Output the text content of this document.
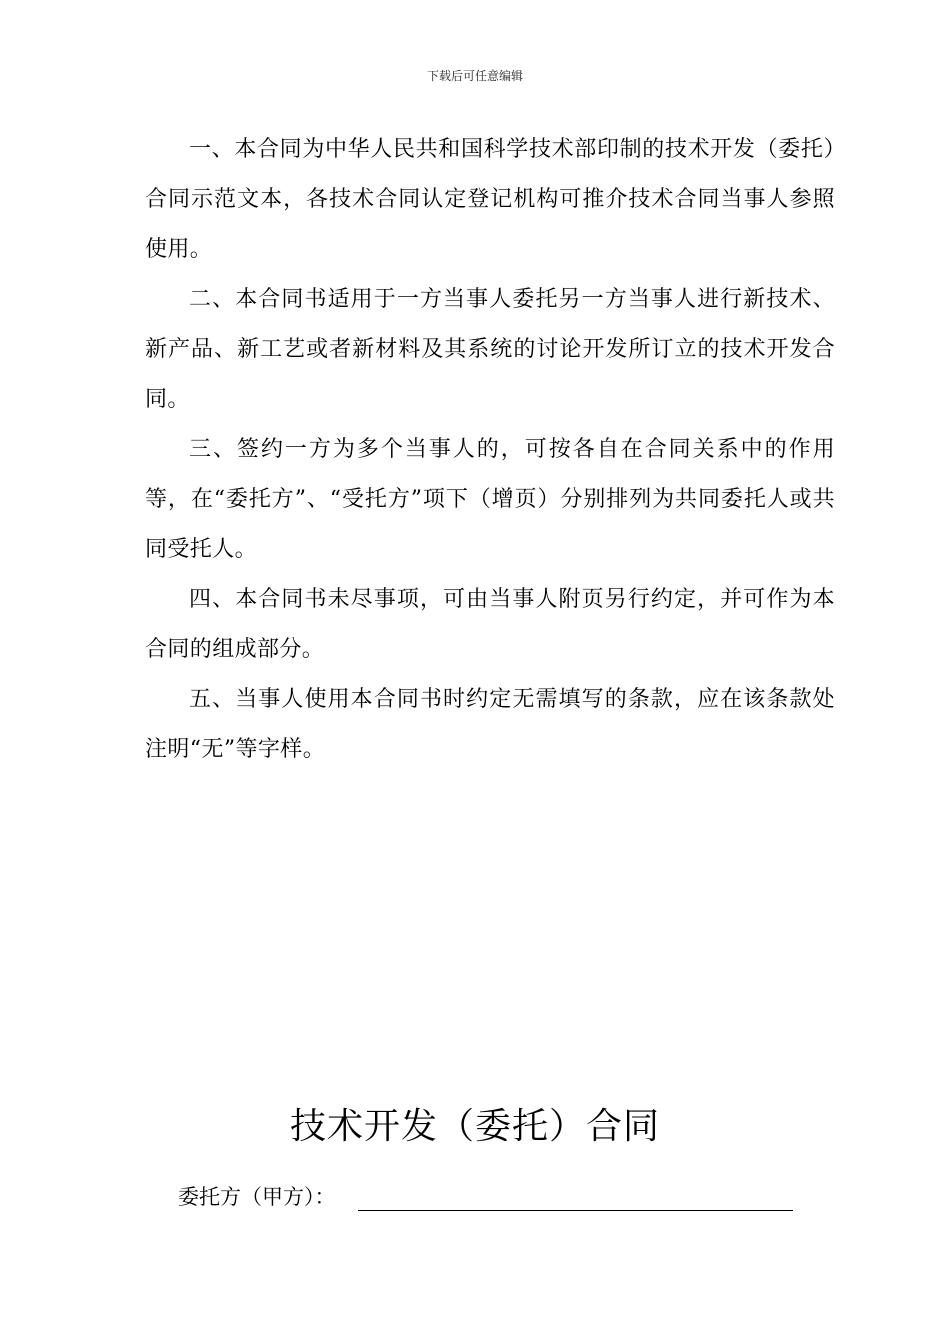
下载后可任意编辑

一、本合同为中华人民共和国科学技术部印制的技术开发（委托）合同示范文本，各技术合同认定登记机构可推介技术合同当事人参照使用。

二、本合同书适用于一方当事人委托另一方当事人进行新技术、新产品、新工艺或者新材料及其系统的讨论开发所订立的技术开发合同。

三、签约一方为多个当事人的，可按各自在合同关系中的作用等，在“委托方”、“受托方”项下（增页）分别排列为共同委托人或共同受托人。

四、本合同书未尽事项，可由当事人附页另行约定，并可作为本合同的组成部分。

五、当事人使用本合同书时约定无需填写的条款，应在该条款处注明“无”等字样。

技术开发（委托）合同
委托方（甲方）：
